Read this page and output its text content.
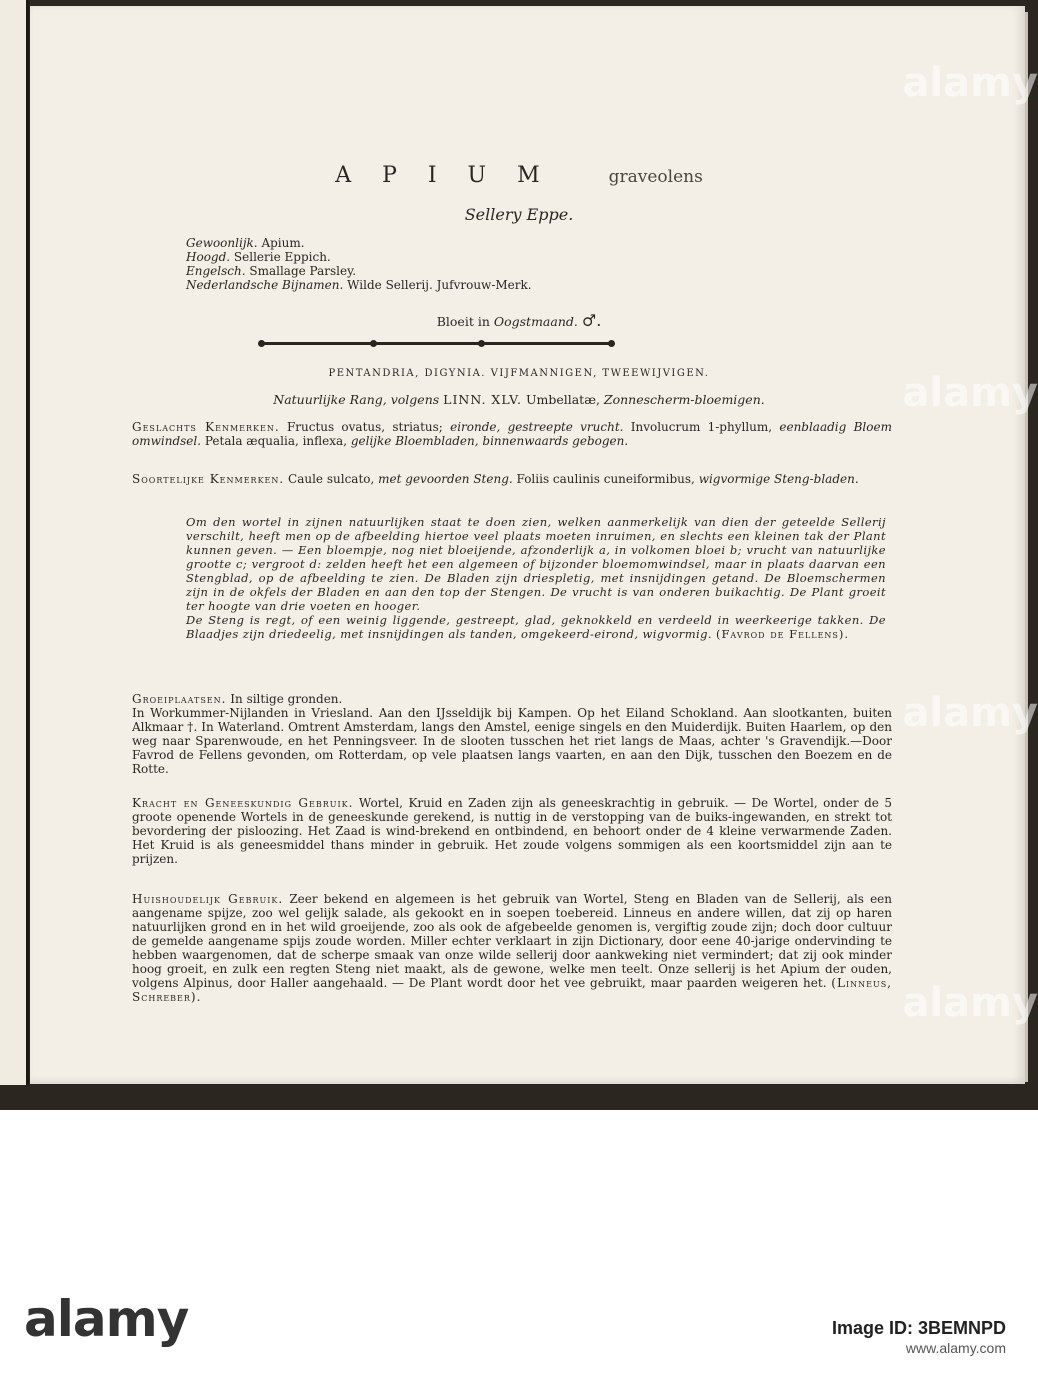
alamy
alamy
alamy
alamy
A P I U M	graveolens
Sellery Eppe.
Gewoonlijk. Apium.
Hoogd. Sellerie Eppich.
Engelsch. Smallage Parsley.
Nederlandsche Bijnamen. Wilde Sellerij. Jufvrouw-Merk.
Bloeit in Oogstmaand. ♂.
PENTANDRIA, DIGYNIA. VIJFMANNIGEN, TWEEWIJVIGEN.
Natuurlijke Rang, volgens LINN. XLV. Umbellatæ, Zonnescherm-bloemigen.
Geslachts Kenmerken. Fructus ovatus, striatus; eironde, gestreepte vrucht. Involucrum 1-phyllum, eenblaadig Bloem omwindsel. Petala æqualia, inflexa, gelijke Bloembladen, binnenwaards gebogen.
Soortelijke Kenmerken. Caule sulcato, met gevoorden Steng. Foliis caulinis cuneiformibus, wigvormige Steng-bladen.
Om den wortel in zijnen natuurlijken staat te doen zien, welken aanmerkelijk van dien der geteelde Sellerij verschilt, heeft men op de afbeelding hiertoe veel plaats moeten inruimen, en slechts een kleinen tak der Plant kunnen geven. — Een bloempje, nog niet bloeijende, afzonderlijk a, in volkomen bloei b; vrucht van natuurlijke grootte c; vergroot d: zelden heeft het een algemeen of bijzonder bloemomwindsel, maar in plaats daarvan een Stengblad, op de afbeelding te zien. De Bladen zijn driespletig, met insnijdingen getand. De Bloemschermen zijn in de okfels der Bladen en aan den top der Stengen. De vrucht is van onderen buikachtig. De Plant groeit ter hoogte van drie voeten en hooger.
De Steng is regt, of een weinig liggende, gestreept, glad, geknokkeld en verdeeld in weerkeerige takken. De Blaadjes zijn driedeelig, met insnijdingen als tanden, omgekeerd-eirond, wigvormig. (Favrod de Fellens).
Groeiplaatsen. In siltige gronden.
In Workummer-Nijlanden in Vriesland. Aan den IJsseldijk bij Kampen. Op het Eiland Schokland. Aan slootkanten, buiten Alkmaar †. In Waterland. Omtrent Amsterdam, langs den Amstel, eenige singels en den Muiderdijk. Buiten Haarlem, op den weg naar Sparenwoude, en het Penningsveer. In de slooten tusschen het riet langs de Maas, achter 's Gravendijk.—Door Favrod de Fellens gevonden, om Rotterdam, op vele plaatsen langs vaarten, en aan den Dijk, tusschen den Boezem en de Rotte.
Kracht en Geneeskundig Gebruik. Wortel, Kruid en Zaden zijn als geneeskrachtig in gebruik. — De Wortel, onder de 5 groote openende Wortels in de geneeskunde gerekend, is nuttig in de verstopping van de buiks-ingewanden, en strekt tot bevordering der pisloozing. Het Zaad is wind-brekend en ontbindend, en behoort onder de 4 kleine verwarmende Zaden. Het Kruid is als geneesmiddel thans minder in gebruik. Het zoude volgens sommigen als een koortsmiddel zijn aan te prijzen.
Huishoudelijk Gebruik. Zeer bekend en algemeen is het gebruik van Wortel, Steng en Bladen van de Sellerij, als een aangename spijze, zoo wel gelijk salade, als gekookt en in soepen toebereid. Linneus en andere willen, dat zij op haren natuurlijken grond en in het wild groeijende, zoo als ook de afgebeelde genomen is, vergiftig zoude zijn; doch door cultuur de gemelde aangename spijs zoude worden. Miller echter verklaart in zijn Dictionary, door eene 40-jarige ondervinding te hebben waargenomen, dat de scherpe smaak van onze wilde sellerij door aankweking niet vermindert; dat zij ook minder hoog groeit, en zulk een regten Steng niet maakt, als de gewone, welke men teelt. Onze sellerij is het Apium der ouden, volgens Alpinus, door Haller aangehaald. — De Plant wordt door het vee gebruikt, maar paarden weigeren het. (Linneus, Schreber).
alamy	Image ID: 3BEMNPD
www.alamy.com
